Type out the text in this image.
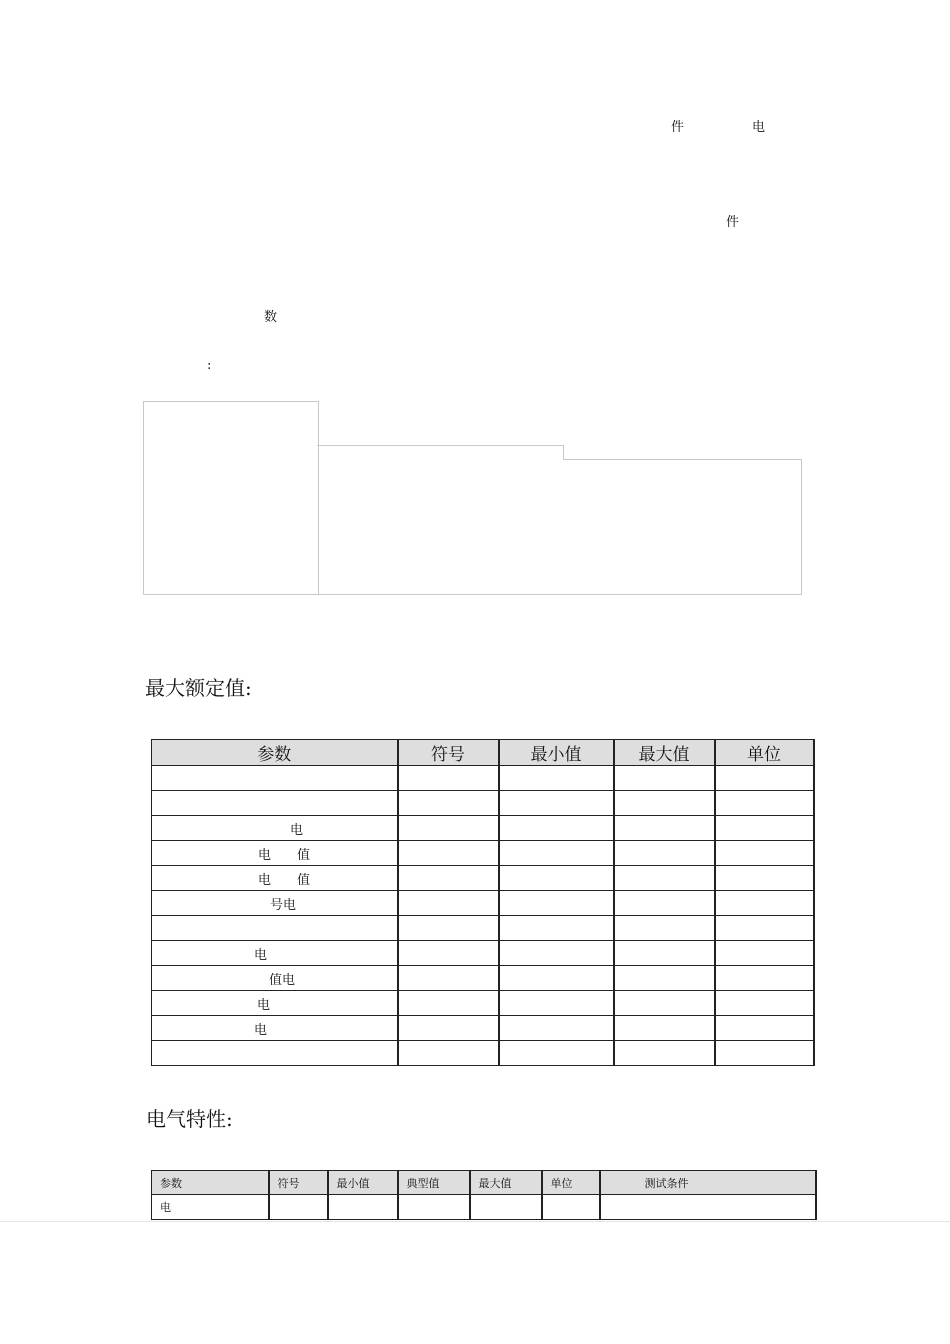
件	电
件
数
:
最大额定值:
参数	符号	最小值	最大值	单位

电				
电　　值				
电　　值				
号电				

电				
值电				
电				
电				

电气特性:
参数	符号	最小值	典型值	最大值	单位	测试条件
电						
